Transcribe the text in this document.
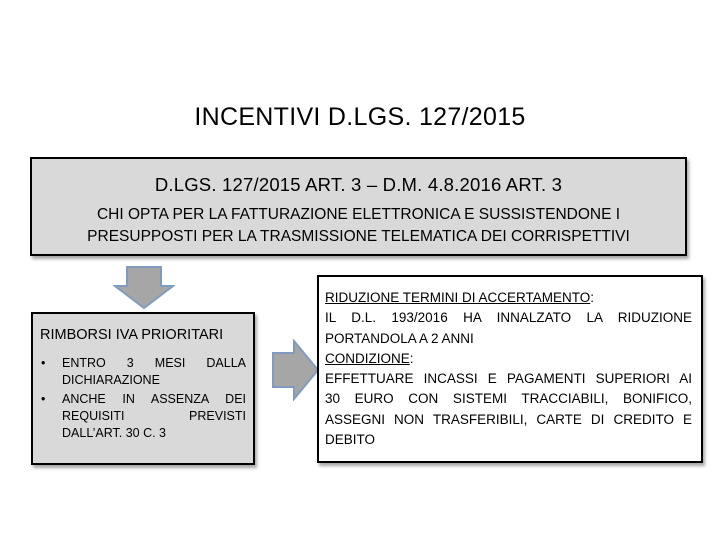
INCENTIVI D.LGS. 127/2015
D.LGS. 127/2015 ART. 3 – D.M. 4.8.2016 ART. 3
CHI OPTA PER LA FATTURAZIONE ELETTRONICA E SUSSISTENDONE I
PRESUPPOSTI PER LA TRASMISSIONE TELEMATICA DEI CORRISPETTIVI
RIMBORSI IVA PRIORITARI
• ENTRO 3 MESI DALLA DICHIARAZIONE
• ANCHE IN ASSENZA DEI REQUISITI PREVISTI DALL’ART. 30 C. 3
RIDUZIONE TERMINI DI ACCERTAMENTO:
IL D.L. 193/2016 HA INNALZATO LA RIDUZIONE
PORTANDOLA A 2 ANNI
CONDIZIONE:
EFFETTUARE INCASSI E PAGAMENTI SUPERIORI AI
30 EURO CON SISTEMI TRACCIABILI, BONIFICO,
ASSEGNI NON TRASFERIBILI, CARTE DI CREDITO E
DEBITO
